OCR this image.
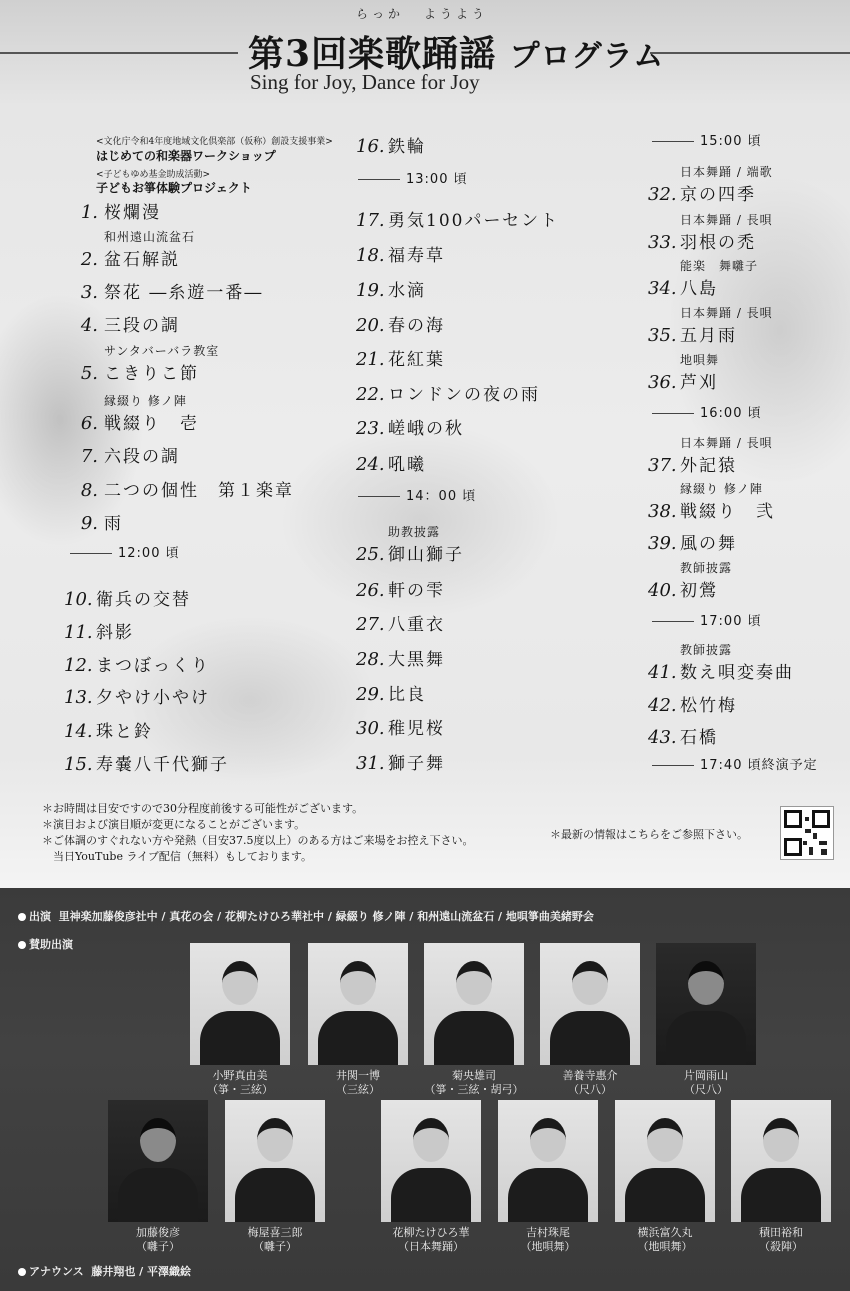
らっか ようよう
第3回楽歌踊謡 プログラム
Sing for Joy, Dance for Joy
<文化庁令和4年度地域文化倶楽部（仮称）創設支援事業>
はじめての和楽器ワークショップ
<子どもゆめ基金助成活動>
子どもお箏体験プロジェクト
1. 桜爛漫
2. 盆石解説
和州遠山流盆石
3. 祭花 ―糸遊一番―
4. 三段の調
5. こきりこ節
サンタバーバラ教室
6. 戦綴り　壱
縁綴り 修ノ陣
7. 六段の調
8. 二つの個性　第１楽章
9. 雨
10. 衛兵の交替
11. 斜影
12. まつぼっくり
13. 夕やけ小やけ
14. 珠と鈴
15. 寿嚢八千代獅子
16. 鉄輪
17. 勇気100パーセント
18. 福寿草
19. 水滴
20. 春の海
21. 花紅葉
22. ロンドンの夜の雨
23. 嵯峨の秋
24. 吼曦
25. 御山獅子
助教披露
26. 軒の雫
27. 八重衣
28. 大黒舞
29. 比良
30. 稚児桜
31. 獅子舞
32. 京の四季
日本舞踊 / 端歌
33. 羽根の禿
日本舞踊 / 長唄
34. 八島
能楽　舞囃子
35. 五月雨
日本舞踊 / 長唄
36. 芦刈
地唄舞
37. 外記猿
日本舞踊 / 長唄
38. 戦綴り　弐
縁綴り 修ノ陣
39. 風の舞
40. 初鶯
教師披露
41. 数え唄変奏曲
教師披露
42. 松竹梅
43. 石橋
12:00 頃
13:00 頃
14：00 頃
15:00 頃
16:00 頃
17:00 頃
17:40 頃終演予定
＊お時間は目安ですので30分程度前後する可能性がございます。
＊演目および演目順が変更になることがございます。
＊ご体調のすぐれない方や発熱（目安37.5度以上）のある方はご来場をお控え下さい。
　当日YouTube ライブ配信（無料）もしております。
＊最新の情報はこちらをご参照下さい。
出演 里神楽加藤俊彦社中 / 真花の会 / 花柳たけひろ華社中 / 緑綴り 修ノ陣 / 和州遠山流盆石 / 地唄箏曲美緒野会
賛助出演
小野真由美
（箏・三絃）
井関一博
（三絃）
菊央雄司
（箏・三絃・胡弓）
善養寺惠介
（尺八）
片岡雨山
（尺八）
加藤俊彦
（囃子）
梅屋喜三郎
（囃子）
花柳たけひろ華
（日本舞踊）
吉村珠尾
（地唄舞）
横浜富久丸
（地唄舞）
積田裕和
（殺陣）
アナウンス 藤井翔也 / 平澤織絵
